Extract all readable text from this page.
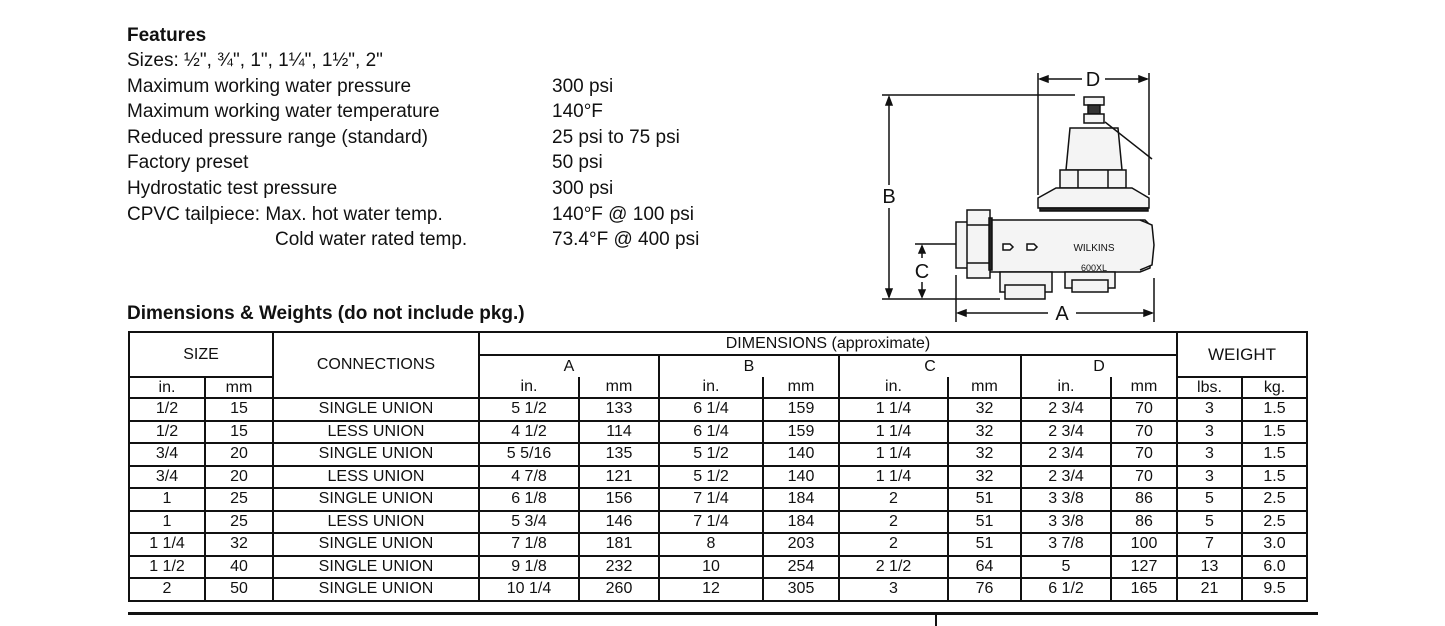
Features
Sizes: ½", ¾", 1", 1¼", 1½", 2"
Maximum working water pressure	300 psi
Maximum working water temperature	140°F
Reduced pressure range (standard)	25 psi to 75 psi
Factory preset	50 psi
Hydrostatic test pressure	300 psi
CPVC tailpiece: Max. hot water temp.	140°F @ 100 psi
Cold water rated temp.	73.4°F @ 400 psi
D
B
C
A
WILKINS
600XL
Dimensions & Weights (do not include pkg.)
SIZE		CONNECTIONS	DIMENSIONS (approximate)								WEIGHT	
			A		B		C		D			
in.	mm		in.	mm	in.	mm	in.	mm	in.	mm	lbs.	kg.
1/2	15	SINGLE UNION	5 1/2	133	6 1/4	159	1 1/4	32	2 3/4	70	3	1.5
1/2	15	LESS UNION	4 1/2	114	6 1/4	159	1 1/4	32	2 3/4	70	3	1.5
3/4	20	SINGLE UNION	5 5/16	135	5 1/2	140	1 1/4	32	2 3/4	70	3	1.5
3/4	20	LESS UNION	4 7/8	121	5 1/2	140	1 1/4	32	2 3/4	70	3	1.5
1	25	SINGLE UNION	6 1/8	156	7 1/4	184	2	51	3 3/8	86	5	2.5
1	25	LESS UNION	5 3/4	146	7 1/4	184	2	51	3 3/8	86	5	2.5
1 1/4	32	SINGLE UNION	7 1/8	181	8	203	2	51	3 7/8	100	7	3.0
1 1/2	40	SINGLE UNION	9 1/8	232	10	254	2 1/2	64	5	127	13	6.0
2	50	SINGLE UNION	10 1/4	260	12	305	3	76	6 1/2	165	21	9.5
